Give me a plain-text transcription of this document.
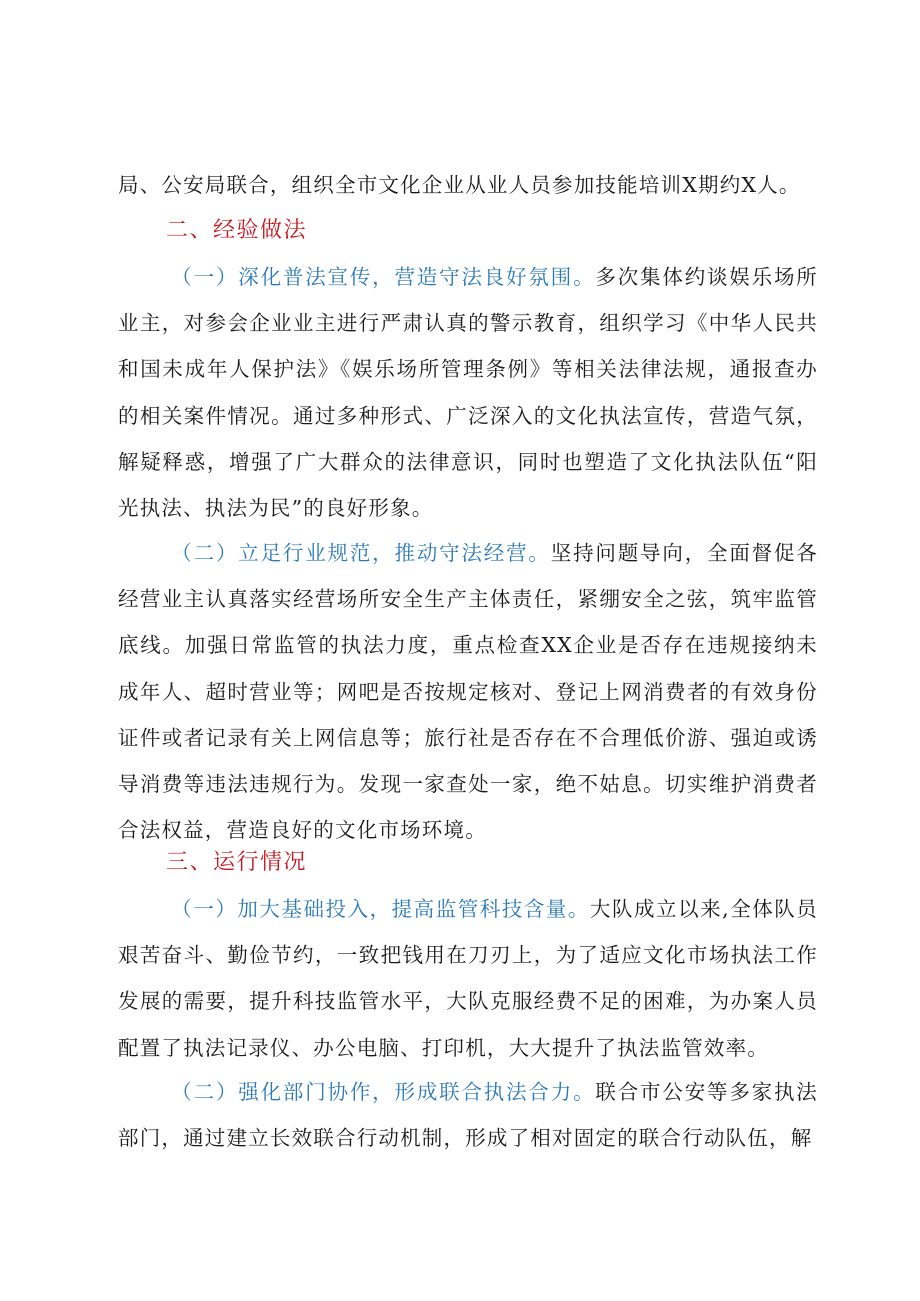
局、公安局联合，组织全市文化企业从业人员参加技能培训X期约X人。

二、经验做法

（一）深化普法宣传，营造守法良好氛围。多次集体约谈娱乐场所业主，对参会企业业主进行严肃认真的警示教育，组织学习《中华人民共和国未成年人保护法》《娱乐场所管理条例》等相关法律法规，通报查办的相关案件情况。通过多种形式、广泛深入的文化执法宣传，营造气氛，解疑释惑，增强了广大群众的法律意识，同时也塑造了文化执法队伍“阳光执法、执法为民”的良好形象。

（二）立足行业规范，推动守法经营。坚持问题导向，全面督促各经营业主认真落实经营场所安全生产主体责任，紧绷安全之弦，筑牢监管底线。加强日常监管的执法力度，重点检查XX企业是否存在违规接纳未成年人、超时营业等；网吧是否按规定核对、登记上网消费者的有效身份证件或者记录有关上网信息等；旅行社是否存在不合理低价游、强迫或诱导消费等违法违规行为。发现一家查处一家，绝不姑息。切实维护消费者合法权益，营造良好的文化市场环境。

三、运行情况

（一）加大基础投入，提高监管科技含量。大队成立以来,全体队员艰苦奋斗、勤俭节约，一致把钱用在刀刃上，为了适应文化市场执法工作发展的需要，提升科技监管水平，大队克服经费不足的困难，为办案人员配置了执法记录仪、办公电脑、打印机，大大提升了执法监管效率。

（二）强化部门协作，形成联合执法合力。联合市公安等多家执法部门，通过建立长效联合行动机制，形成了相对固定的联合行动队伍，解
